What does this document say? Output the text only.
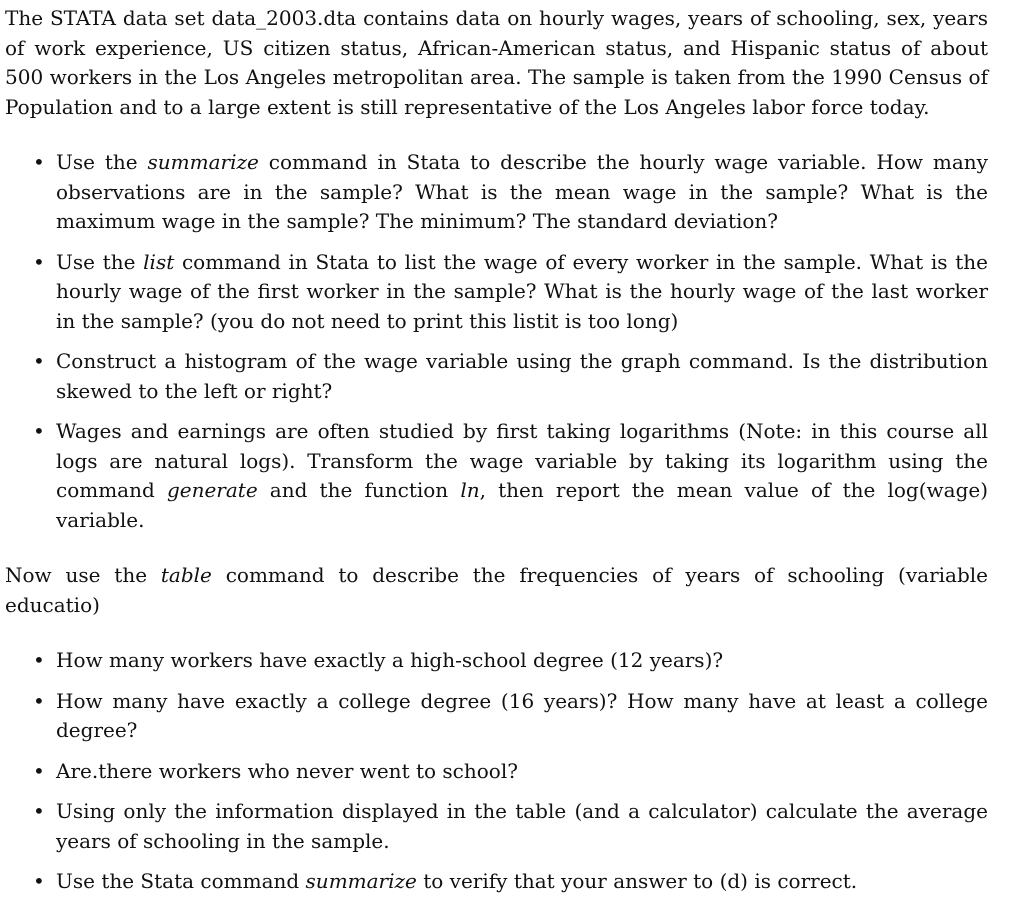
The STATA data set data_2003.dta contains data on hourly wages, years of schooling, sex, years of work experience, US citizen status, African-American status, and Hispanic status of about 500 workers in the Los Angeles metropolitan area. The sample is taken from the 1990 Census of Population and to a large extent is still representative of the Los Angeles labor force today.

• Use the summarize command in Stata to describe the hourly wage variable. How many observations are in the sample? What is the mean wage in the sample? What is the maximum wage in the sample? The minimum? The standard deviation?
• Use the list command in Stata to list the wage of every worker in the sample. What is the hourly wage of the first worker in the sample? What is the hourly wage of the last worker in the sample? (you do not need to print this listit is too long)
• Construct a histogram of the wage variable using the graph command. Is the distribution skewed to the left or right?
• Wages and earnings are often studied by first taking logarithms (Note: in this course all logs are natural logs). Transform the wage variable by taking its logarithm using the command generate and the function ln, then report the mean value of the log(wage) variable.

Now use the table command to describe the frequencies of years of schooling (variable educatio)

• How many workers have exactly a high-school degree (12 years)?
• How many have exactly a college degree (16 years)? How many have at least a college degree?
• Are.there workers who never went to school?
• Using only the information displayed in the table (and a calculator) calculate the average years of schooling in the sample.
• Use the Stata command summarize to verify that your answer to (d) is correct.
